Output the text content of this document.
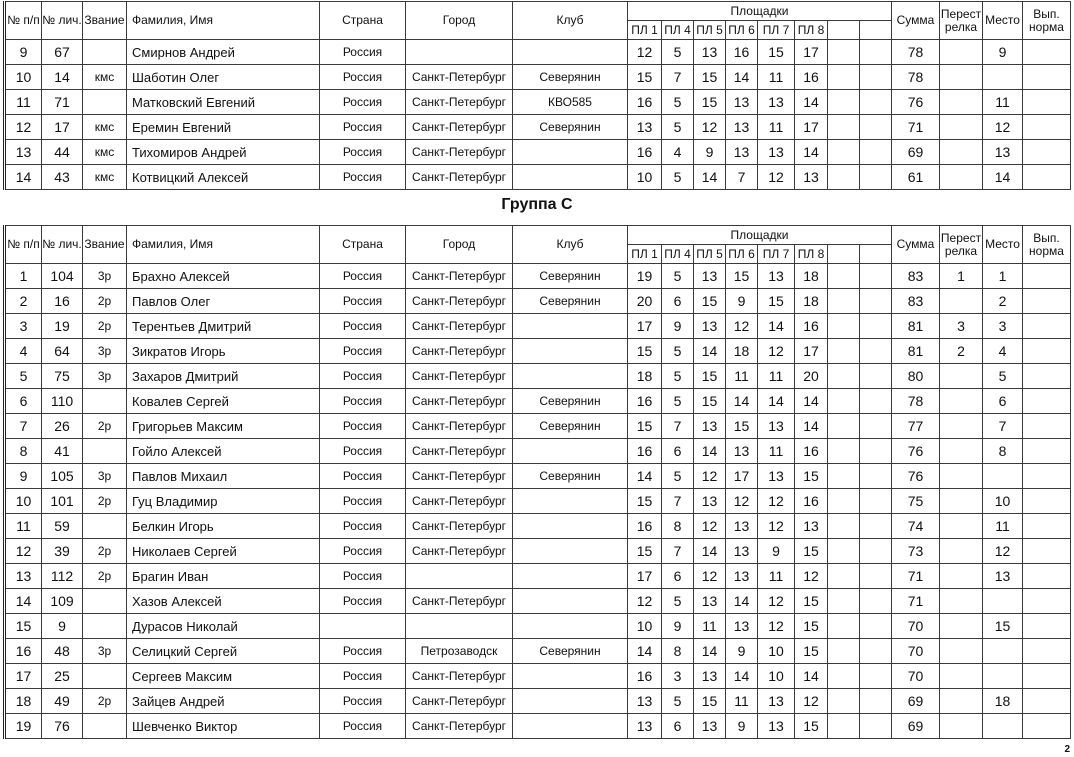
№ п/п	№ лич.	Звание	Фамилия, Имя	Страна	Город	Клуб	Площадки								Сумма	Перест релка	Место	Вып. норма
							ПЛ 1	ПЛ 4	ПЛ 5	ПЛ 6	ПЛ 7	ПЛ 8						
9	67		Смирнов Андрей	Россия			12	5	13	16	15	17			78		9	
10	14	кмс	Шаботин Олег	Россия	Санкт-Петербург	Северянин	15	7	15	14	11	16			78			
11	71		Матковский Евгений	Россия	Санкт-Петербург	КВО585	16	5	15	13	13	14			76		11	
12	17	кмс	Еремин Евгений	Россия	Санкт-Петербург	Северянин	13	5	12	13	11	17			71		12	
13	44	кмс	Тихомиров Андрей	Россия	Санкт-Петербург		16	4	9	13	13	14			69		13	
14	43	кмс	Котвицкий Алексей	Россия	Санкт-Петербург		10	5	14	7	12	13			61		14	
Группа С
№ п/п	№ лич.	Звание	Фамилия, Имя	Страна	Город	Клуб	Площадки								Сумма	Перест релка	Место	Вып. норма
							ПЛ 1	ПЛ 4	ПЛ 5	ПЛ 6	ПЛ 7	ПЛ 8						
1	104	3р	Брахно Алексей	Россия	Санкт-Петербург	Северянин	19	5	13	15	13	18			83	1	1	
2	16	2р	Павлов Олег	Россия	Санкт-Петербург	Северянин	20	6	15	9	15	18			83		2	
3	19	2р	Терентьев Дмитрий	Россия	Санкт-Петербург		17	9	13	12	14	16			81	3	3	
4	64	3р	Зикратов Игорь	Россия	Санкт-Петербург		15	5	14	18	12	17			81	2	4	
5	75	3р	Захаров Дмитрий	Россия	Санкт-Петербург		18	5	15	11	11	20			80		5	
6	110		Ковалев Сергей	Россия	Санкт-Петербург	Северянин	16	5	15	14	14	14			78		6	
7	26	2р	Григорьев Максим	Россия	Санкт-Петербург	Северянин	15	7	13	15	13	14			77		7	
8	41		Гойло Алексей	Россия	Санкт-Петербург		16	6	14	13	11	16			76		8	
9	105	3р	Павлов Михаил	Россия	Санкт-Петербург	Северянин	14	5	12	17	13	15			76			
10	101	2р	Гуц Владимир	Россия	Санкт-Петербург		15	7	13	12	12	16			75		10	
11	59		Белкин Игорь	Россия	Санкт-Петербург		16	8	12	13	12	13			74		11	
12	39	2р	Николаев Сергей	Россия	Санкт-Петербург		15	7	14	13	9	15			73		12	
13	112	2р	Брагин Иван	Россия			17	6	12	13	11	12			71		13	
14	109		Хазов Алексей	Россия	Санкт-Петербург		12	5	13	14	12	15			71			
15	9		Дурасов Николай				10	9	11	13	12	15			70		15	
16	48	3р	Селицкий Сергей	Россия	Петрозаводск	Северянин	14	8	14	9	10	15			70			
17	25		Сергеев Максим	Россия	Санкт-Петербург		16	3	13	14	10	14			70			
18	49	2р	Зайцев Андрей	Россия	Санкт-Петербург		13	5	15	11	13	12			69		18	
19	76		Шевченко Виктор	Россия	Санкт-Петербург		13	6	13	9	13	15			69			
2
